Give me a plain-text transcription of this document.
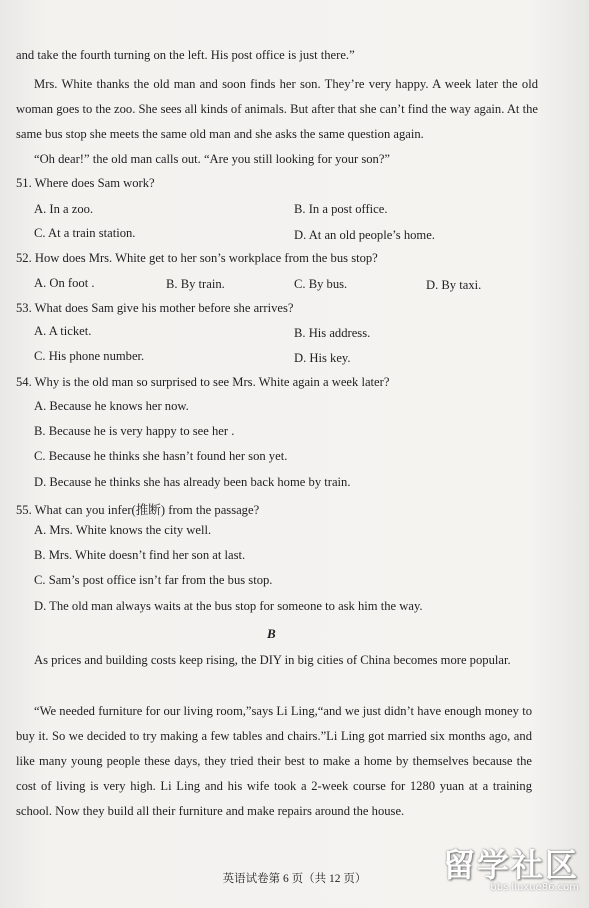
and take the fourth turning on the left. His post office is just there.”
Mrs. White thanks the old man and soon finds her son. They’re very happy. A week later the old woman goes to the zoo. She sees all kinds of animals. But after that she can’t find the way again. At the same bus stop she meets the same old man and she asks the same question again.
“Oh dear!” the old man calls out. “Are you still looking for your son?”
51. Where does Sam work?
A. In a zoo.	B. In a post office.
C. At a train station.	D. At an old people’s home.
52. How does Mrs. White get to her son’s workplace from the bus stop?
A. On foot .	B. By train.	C. By bus.	D. By taxi.
53. What does Sam give his mother before she arrives?
A. A ticket.	B. His address.
C. His phone number.	D. His key.
54. Why is the old man so surprised to see Mrs. White again a week later?
A. Because he knows her now.
B. Because he is very happy to see her .
C. Because he thinks she hasn’t found her son yet.
D. Because he thinks she has already been back home by train.
55. What can you infer(推断) from the passage?
A. Mrs. White knows the city well.
B. Mrs. White doesn’t find her son at last.
C. Sam’s post office isn’t far from the bus stop.
D. The old man always waits at the bus stop for someone to ask him the way.
B
As prices and building costs keep rising, the DIY in big cities of China becomes more popular.
“We needed furniture for our living room,”says Li Ling,“and we just didn’t have enough money to buy it. So we decided to try making a few tables and chairs.”Li Ling got married six months ago, and like many young people these days, they tried their best to make a home by themselves because the cost of living is very high. Li Ling and his wife took a 2-week course for 1280 yuan at a training school. Now they build all their furniture and make repairs around the house.
英语试卷第 6 页（共 12 页）	留学社区
bbs.liuxue86.com
